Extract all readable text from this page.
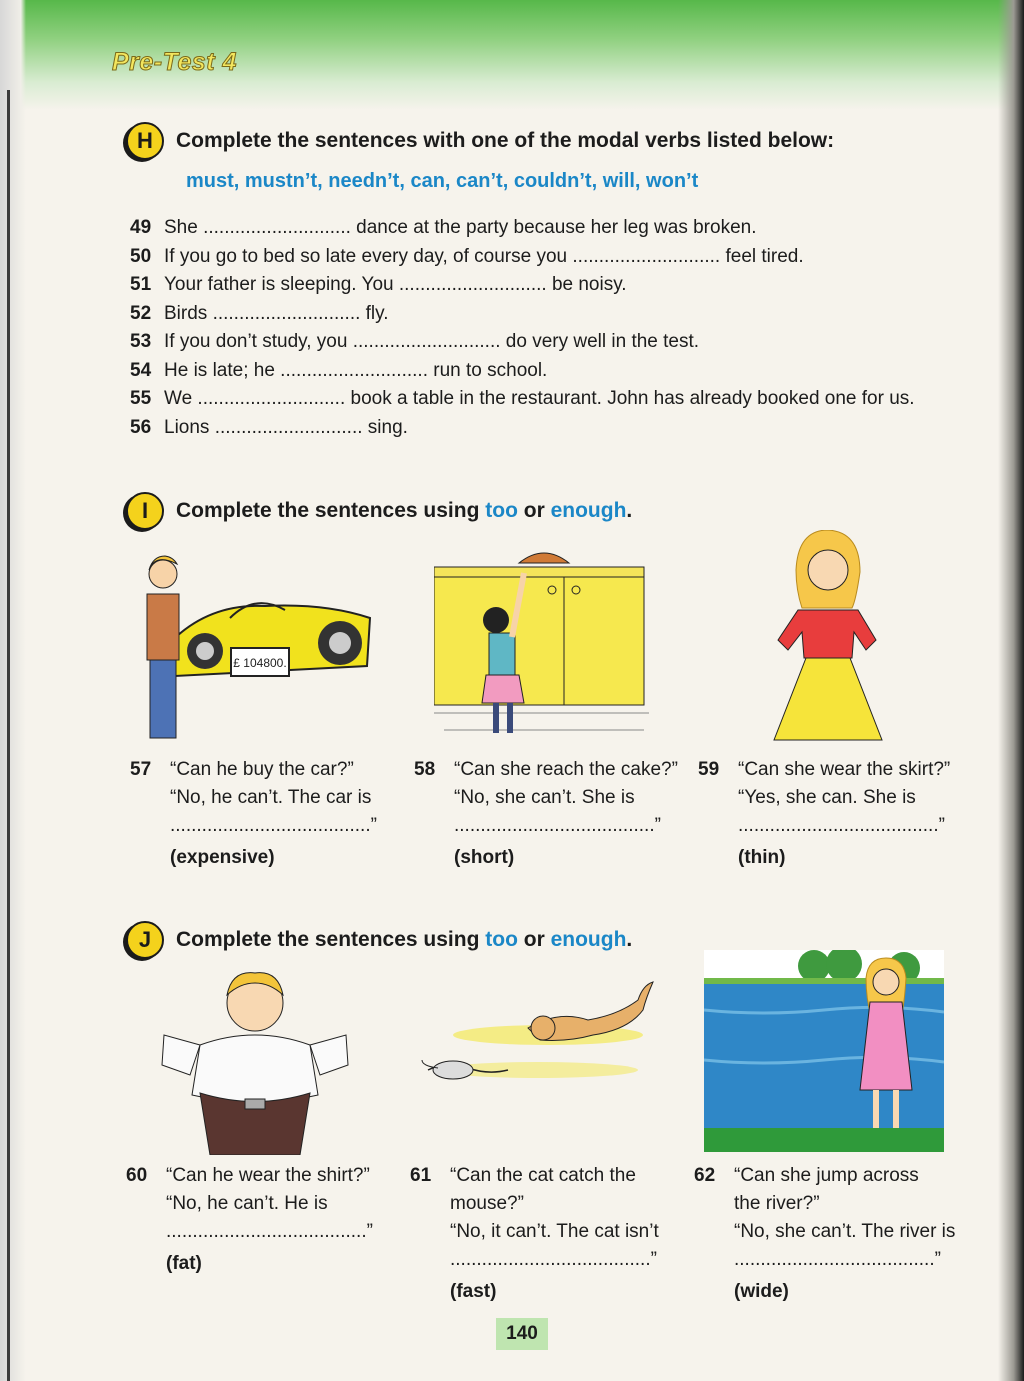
Pre-Test 4
H	Complete the sentences with one of the modal verbs listed below:
must, mustn’t, needn’t, can, can’t, couldn’t, will, won’t
49 She ............................ dance at the party because her leg was broken.
50 If you go to bed so late every day, of course you ............................ feel tired.
51 Your father is sleeping. You ............................ be noisy.
52 Birds ............................ fly.
53 If you don’t study, you ............................ do very well in the test.
54 He is late; he ............................ run to school.
55 We ............................ book a table in the restaurant. John has already booked one for us.
56 Lions ............................ sing.
I	Complete the sentences using too or enough.
£ 104800.
57 “Can he buy the car?”
“No, he can’t. The car is
......................................”
(expensive)
58 “Can she reach the cake?”
“No, she can’t. She is
......................................”
(short)
59 “Can she wear the skirt?”
“Yes, she can. She is
......................................”
(thin)
J	Complete the sentences using too or enough.
60 “Can he wear the shirt?”
“No, he can’t. He is
......................................”
(fat)
61 “Can the cat catch the
mouse?”
“No, it can’t. The cat isn’t
......................................”
(fast)
62 “Can she jump across
the river?”
“No, she can’t. The river is
......................................”
(wide)
140
